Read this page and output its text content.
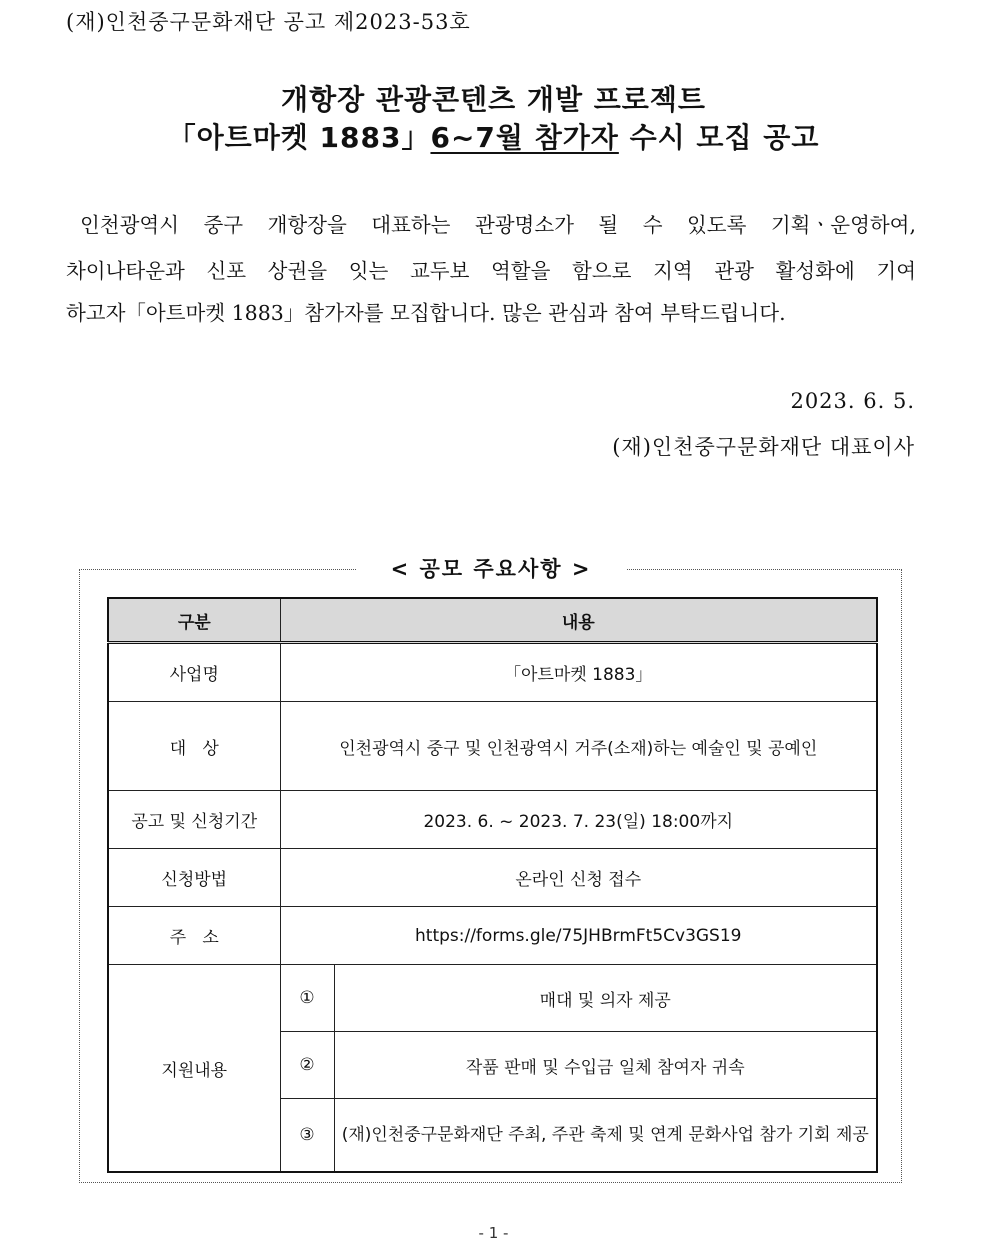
(재)인천중구문화재단 공고 제2023-53호
개항장 관광콘텐츠 개발 프로젝트
「아트마켓 1883」6~7월 참가자 수시 모집 공고
인천광역시 중구 개항장을 대표하는 관광명소가 될 수 있도록 기획ㆍ운영하여,
차이나타운과 신포 상권을 잇는 교두보 역할을 함으로 지역 관광 활성화에 기여
하고자「아트마켓 1883」참가자를 모집합니다. 많은 관심과 참여 부탁드립니다.
2023. 6. 5.
(재)인천중구문화재단 대표이사
< 공모 주요사항 >
구분	내용	
사업명	「아트마켓 1883」	
대   상	인천광역시 중구 및 인천광역시 거주(소재)하는 예술인 및 공예인	
공고 및 신청기간	2023. 6. ~ 2023. 7. 23(일) 18:00까지	
신청방법	온라인 신청 접수	
주   소	https://forms.gle/75JHBrmFt5Cv3GS19	
지원내용	①	매대 및 의자 제공
	②	작품 판매 및 수입금 일체 참여자 귀속
	③	(재)인천중구문화재단 주최, 주관 축제 및 연계 문화사업 참가 기회 제공
- 1 -
